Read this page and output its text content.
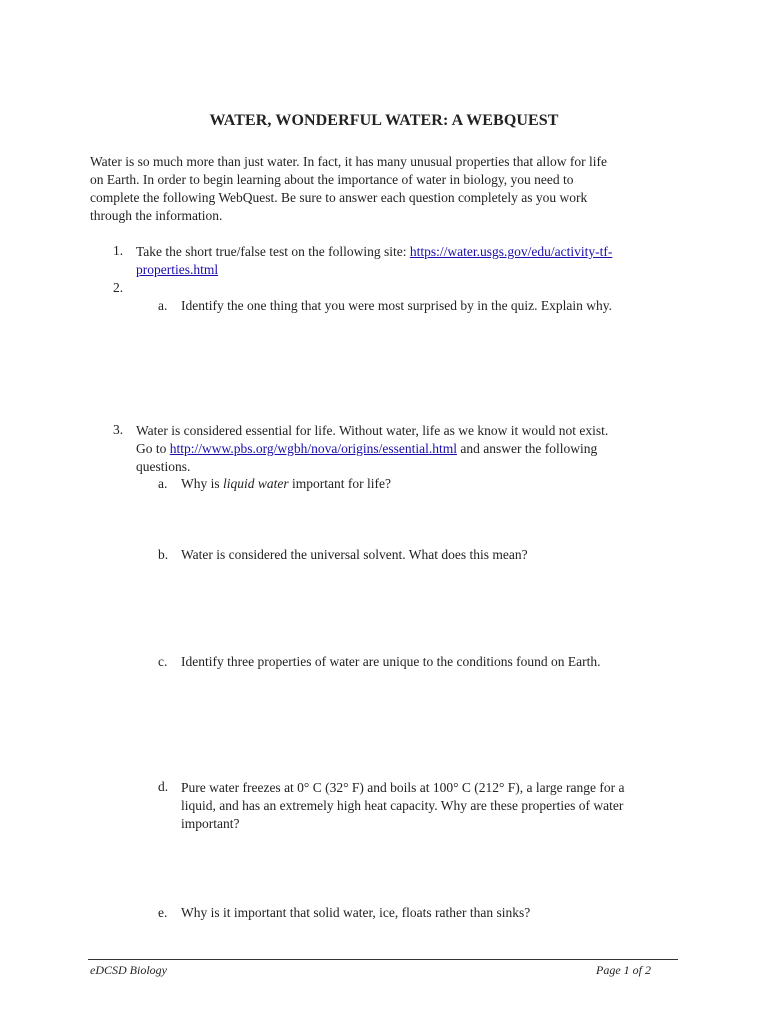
WATER, WONDERFUL WATER: A WEBQUEST
Water is so much more than just water. In fact, it has many unusual properties that allow for life
on Earth. In order to begin learning about the importance of water in biology, you need to
complete the following WebQuest. Be sure to answer each question completely as you work
through the information.
1. Take the short true/false test on the following site: https://water.usgs.gov/edu/activity-tf-
properties.html
2.
a. Identify the one thing that you were most surprised by in the quiz. Explain why.
3. Water is considered essential for life. Without water, life as we know it would not exist.
Go to http://www.pbs.org/wgbh/nova/origins/essential.html and answer the following
questions.
a. Why is liquid water important for life?
b. Water is considered the universal solvent. What does this mean?
c. Identify three properties of water are unique to the conditions found on Earth.
d. Pure water freezes at 0° C (32° F) and boils at 100° C (212° F), a large range for a
liquid, and has an extremely high heat capacity. Why are these properties of water
important?
e. Why is it important that solid water, ice, floats rather than sinks?
eDCSD Biology	Page 1 of 2
